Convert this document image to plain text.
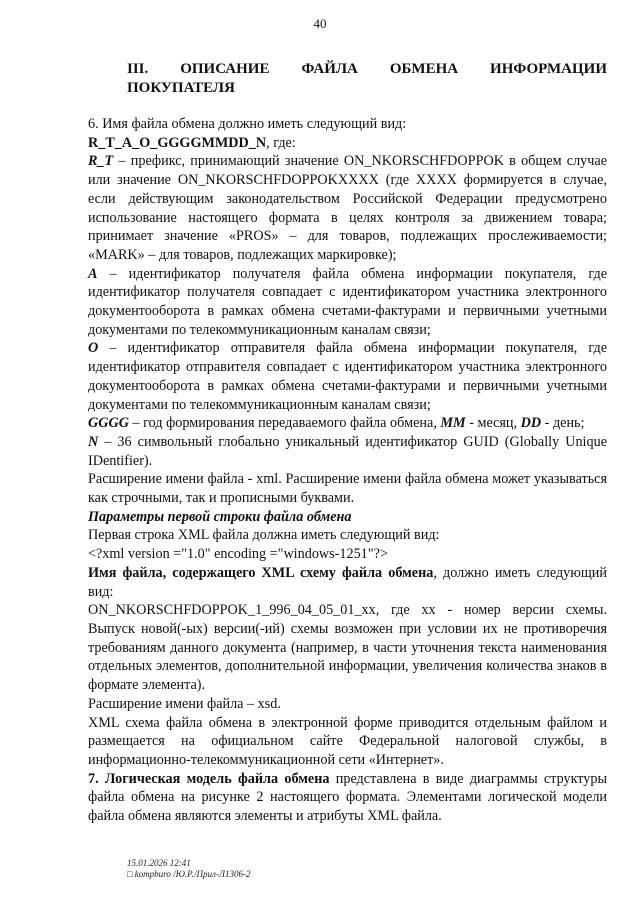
40
III. ОПИСАНИЕ ФАЙЛА ОБМЕНА ИНФОРМАЦИИ
ПОКУПАТЕЛЯ

6. Имя файла обмена должно иметь следующий вид:

R_T_A_O_GGGGMMDD_N, где:

R_T – префикс, принимающий значение ON_NKORSCHFDOPPOK в общем случае или значение ON_NKORSCHFDOPPOKXXXX (где XXXX формируется в случае, если действующим законодательством Российской Федерации предусмотрено использование настоящего формата в целях контроля за движением товара; принимает значение «PROS» – для товаров, подлежащих прослеживаемости; «MARK» – для товаров, подлежащих маркировке);

A – идентификатор получателя файла обмена информации покупателя, где идентификатор получателя совпадает с идентификатором участника электронного документооборота в рамках обмена счетами-фактурами и первичными учетными документами по телекоммуникационным каналам связи;

O – идентификатор отправителя файла обмена информации покупателя, где идентификатор отправителя совпадает с идентификатором участника электронного документооборота в рамках обмена счетами-фактурами и первичными учетными документами по телекоммуникационным каналам связи;

GGGG – год формирования передаваемого файла обмена, MM - месяц, DD - день;

N – 36 символьный глобально уникальный идентификатор GUID (Globally Unique IDentifier).

Расширение имени файла - xml. Расширение имени файла обмена может указываться как строчными, так и прописными буквами.

Параметры первой строки файла обмена

Первая строка XML файла должна иметь следующий вид:

<?xml version ="1.0" encoding ="windows-1251"?>

Имя файла, содержащего XML схему файла обмена, должно иметь следующий вид:

ON_NKORSCHFDOPPOK_1_996_04_05_01_xx, где xx - номер версии схемы. Выпуск новой(-ых) версии(-ий) схемы возможен при условии их не противоречия требованиям данного документа (например, в части уточнения текста наименования отдельных элементов, дополнительной информации, увеличения количества знаков в формате элемента).

Расширение имени файла – xsd.

XML схема файла обмена в электронной форме приводится отдельным файлом и размещается на официальном сайте Федеральной налоговой службы, в информационно-телекоммуникационной сети «Интернет».

7. Логическая модель файла обмена представлена в виде диаграммы структуры файла обмена на рисунке 2 настоящего формата. Элементами логической модели файла обмена являются элементы и атрибуты XML файла.

15.01.2026 12:41
□ kompburo /Ю.Р./Прил-Л1306-2
